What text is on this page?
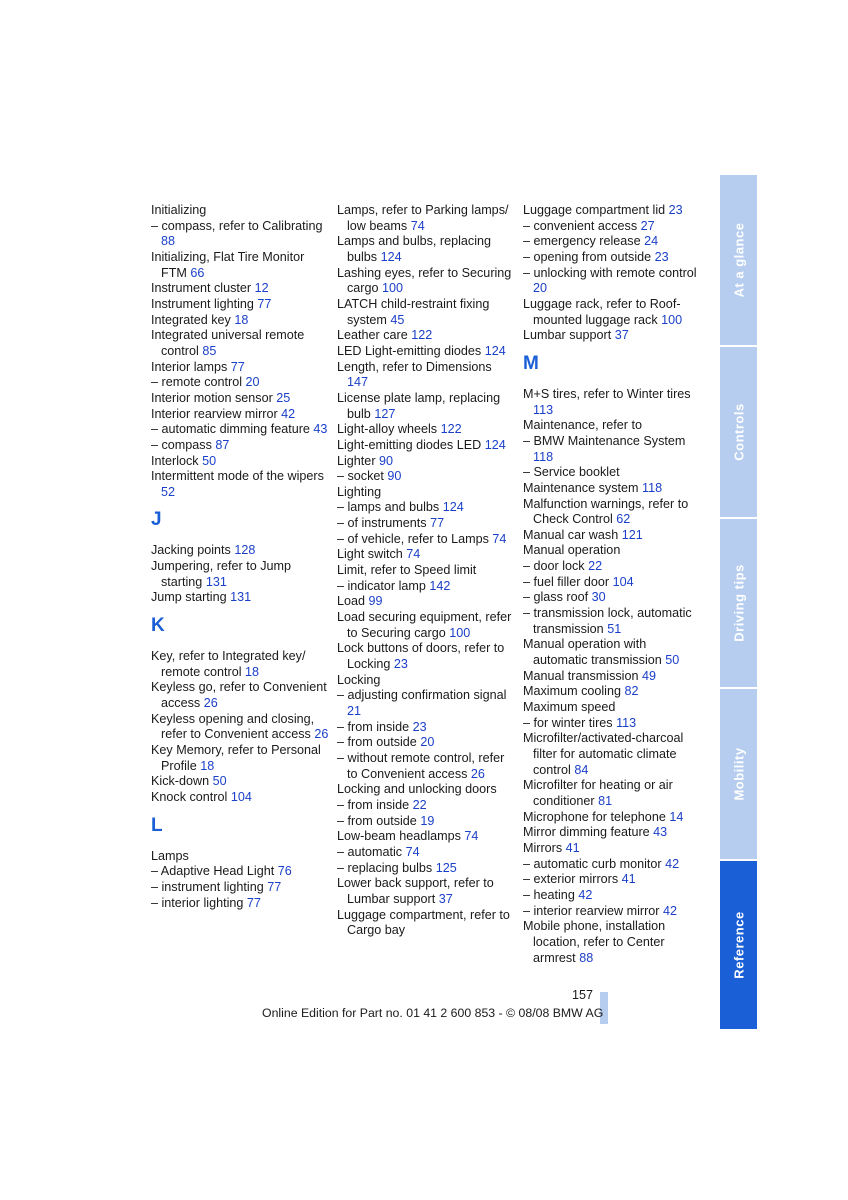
Initializing
– compass, refer to Calibrating 88
Initializing, Flat Tire Monitor FTM 66
Instrument cluster 12
Instrument lighting 77
Integrated key 18
Integrated universal remote control 85
Interior lamps 77
– remote control 20
Interior motion sensor 25
Interior rearview mirror 42
– automatic dimming feature 43
– compass 87
Interlock 50
Intermittent mode of the wipers 52
J
Jacking points 128
Jumpering, refer to Jump starting 131
Jump starting 131
K
Key, refer to Integrated key/ remote control 18
Keyless go, refer to Convenient access 26
Keyless opening and closing, refer to Convenient access 26
Key Memory, refer to Personal Profile 18
Kick-down 50
Knock control 104
L
Lamps
– Adaptive Head Light 76
– instrument lighting 77
– interior lighting 77
Lamps, refer to Parking lamps/ low beams 74
Lamps and bulbs, replacing bulbs 124
Lashing eyes, refer to Securing cargo 100
LATCH child-restraint fixing system 45
Leather care 122
LED Light-emitting diodes 124
Length, refer to Dimensions 147
License plate lamp, replacing bulb 127
Light-alloy wheels 122
Light-emitting diodes LED 124
Lighter 90
– socket 90
Lighting
– lamps and bulbs 124
– of instruments 77
– of vehicle, refer to Lamps 74
Light switch 74
Limit, refer to Speed limit
– indicator lamp 142
Load 99
Load securing equipment, refer to Securing cargo 100
Lock buttons of doors, refer to Locking 23
Locking
– adjusting confirmation signal 21
– from inside 23
– from outside 20
– without remote control, refer to Convenient access 26
Locking and unlocking doors
– from inside 22
– from outside 19
Low-beam headlamps 74
– automatic 74
– replacing bulbs 125
Lower back support, refer to Lumbar support 37
Luggage compartment, refer to Cargo bay
Luggage compartment lid 23
– convenient access 27
– emergency release 24
– opening from outside 23
– unlocking with remote control 20
Luggage rack, refer to Roof-mounted luggage rack 100
Lumbar support 37
M
M+S tires, refer to Winter tires 113
Maintenance, refer to
– BMW Maintenance System 118
– Service booklet
Maintenance system 118
Malfunction warnings, refer to Check Control 62
Manual car wash 121
Manual operation
– door lock 22
– fuel filler door 104
– glass roof 30
– transmission lock, automatic transmission 51
Manual operation with automatic transmission 50
Manual transmission 49
Maximum cooling 82
Maximum speed
– for winter tires 113
Microfilter/activated-charcoal filter for automatic climate control 84
Microfilter for heating or air conditioner 81
Microphone for telephone 14
Mirror dimming feature 43
Mirrors 41
– automatic curb monitor 42
– exterior mirrors 41
– heating 42
– interior rearview mirror 42
Mobile phone, installation location, refer to Center armrest 88
157
Online Edition for Part no. 01 41 2 600 853 - © 08/08 BMW AG
At a glance
Controls
Driving tips
Mobility
Reference
